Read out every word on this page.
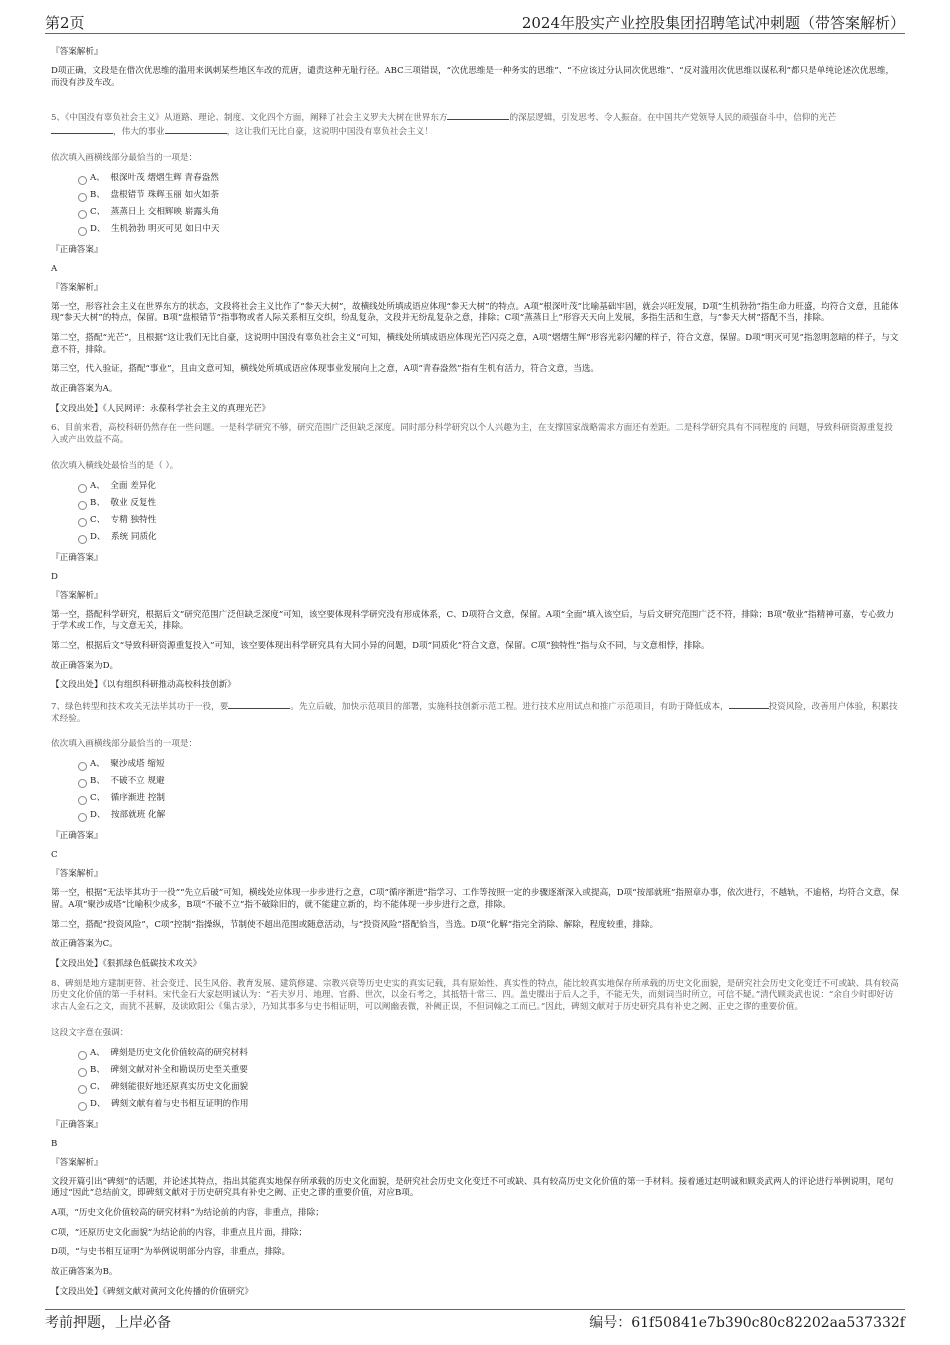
第2页	2024年股实产业控股集团招聘笔试冲刺题（带答案解析）

『答案解析』

D项正确，文段是在借次优思维的滥用来讽刺某些地区车改的荒唐，谴责这种无耻行径。ABC三项错误，“次优思维是一种务实的思维”、“不应该过分认同次优思维”、“反对滥用次优思维以谋私利”都只是单纯论述次优思维，而没有涉及车改。

5、《中国没有辜负社会主义》从道路、理论、制度、文化四个方面，阐释了社会主义罗夫大树在世界东方	的深层逻辑，引发思考、令人振奋。在中国共产党领导人民的顽强奋斗中，信仰的光芒
，伟大的事业	，这让我们无比自豪，这说明中国没有辜负社会主义！

依次填入画横线部分最恰当的一项是：

A、 根深叶茂 熠熠生辉 青春盎然
B、 盘根错节 珠辉玉丽 如火如荼
C、 蒸蒸日上 交相辉映 崭露头角
D、 生机勃勃 明灭可见 如日中天

『正确答案』

A

『答案解析』

第一空，形容社会主义在世界东方的状态，文段将社会主义比作了“参天大树”，故横线处所填成语应体现“参天大树”的特点。A项“根深叶茂”比喻基础牢固，就会兴旺发展，D项“生机勃勃”指生命力旺盛，均符合文意，且能体现“参天大树”的特点，保留。B项“盘根错节”指事物或者人际关系相互交织，纷乱复杂，文段并无纷乱复杂之意，排除；C项“蒸蒸日上”形容天天向上发展，多指生活和生意，与“参天大树”搭配不当，排除。

第二空，搭配“光芒”，且根据“这让我们无比自豪，这说明中国没有辜负社会主义”可知，横线处所填成语应体现光芒闪亮之意，A项“熠熠生辉”形容光彩闪耀的样子，符合文意，保留。D项“明灭可见”指忽明忽暗的样子，与文意不符，排除。

第三空，代入验证，搭配“事业”，且由文意可知，横线处所填成语应体现事业发展向上之意，A项“青春盎然”指有生机有活力，符合文意，当选。

故正确答案为A。

【文段出处】《人民网评：永葆科学社会主义的真理光芒》

6、目前来看，高校科研仍然存在一些问题。一是科学研究不够，研究范围广泛但缺乏深度。同时部分科学研究以个人兴趣为主，在支撑国家战略需求方面还有差距。二是科学研究具有不同程度的 问题，导致科研资源重复投入或产出效益不高。

依次填入横线处最恰当的是（ ）。

A、 全面 差异化
B、 敬业 反复性
C、 专精 独特性
D、 系统 同质化

『正确答案』

D

『答案解析』

第一空，搭配科学研究，根据后文“研究范围广泛但缺乏深度”可知，该空要体现科学研究没有形成体系，C、D项符合文意，保留。A项“全面”填入该空后，与后文研究范围广泛不符，排除；B项“敬业”指精神可嘉，专心致力于学术或工作，与文意无关，排除。

第二空，根据后文“导致科研资源重复投入”可知，该空要体现出科学研究具有大同小异的问题，D项“同质化”符合文意，保留。C项“独特性”指与众不同，与文意相悖，排除。

故正确答案为D。

【文段出处】《以有组织科研推动高校科技创新》

7、绿色转型和技术攻关无法毕其功于一役，要	。先立后破，加快示范项目的部署，实施科技创新示范工程。进行技术应用试点和推广示范项目，有助于降低成本，	投资风险，改善用户体验，积累技术经验。

依次填入画横线部分最恰当的一项是：

A、 聚沙成塔 缩短
B、 不破不立 规避
C、 循序渐进 控制
D、 按部就班 化解

『正确答案』

C

『答案解析』

第一空，根据“无法毕其功于一役”“先立后破”可知，横线处应体现一步步进行之意，C项“循序渐进”指学习、工作等按照一定的步骤逐渐深入或提高，D项“按部就班”指照章办事，依次进行，不越轨，不逾格，均符合文意，保留。A项“聚沙成塔”比喻积少成多，B项“不破不立”指不破除旧的，就不能建立新的，均不能体现一步步进行之意，排除。

第二空，搭配“投资风险”，C项“控制”指操纵，节制使不超出范围或随意活动，与“投资风险”搭配恰当，当选。D项“化解”指完全消除、解除，程度较重，排除。

故正确答案为C。

【文段出处】《狠抓绿色低碳技术攻关》

8、碑刻是地方建制更替、社会变迁、民生风俗、教育发展、建筑修建、宗教兴衰等历史史实的真实记载，具有原始性、真实性的特点，能比较真实地保存所承载的历史文化面貌，是研究社会历史文化变迁不可或缺、具有较高历史文化价值的第一手材料。宋代金石大家赵明诚认为：“若夫岁月、地理、官爵、世次，以金石考之，其抵牾十常三、四。盖史牒出于后人之手，不能无失，而刻词当时所立，可信不疑。”清代顾炎武也说：“余自少时即好访求古人金石之文，而犹不甚解，及读欧阳公《集古录》，乃知其事多与史书相证明，可以阐幽表微，补阙正误，不但词翰之工而已。”因此，碑刻文献对于历史研究具有补史之阙、正史之谬的重要价值。

这段文字意在强调：

A、 碑刻是历史文化价值较高的研究材料
B、 碑刻文献对补全和勘误历史至关重要
C、 碑刻能很好地还原真实历史文化面貌
D、 碑刻文献有着与史书相互证明的作用

『正确答案』

B

『答案解析』

文段开篇引出“碑刻”的话题，并论述其特点，指出其能真实地保存所承载的历史文化面貌，是研究社会历史文化变迁不可或缺、具有较高历史文化价值的第一手材料。接着通过赵明诚和顾炎武两人的评论进行举例说明，尾句通过“因此”总结前文，即碑刻文献对于历史研究具有补史之阙、正史之谬的重要价值，对应B项。

A项，“历史文化价值较高的研究材料”为结论前的内容，非重点，排除；

C项，“还原历史文化面貌”为结论前的内容，非重点且片面，排除；

D项，“与史书相互证明”为举例说明部分内容，非重点，排除。

故正确答案为B。

【文段出处】《碑刻文献对黄河文化传播的价值研究》

考前押题，上岸必备	编号：61f50841e7b390c80c82202aa537332f
